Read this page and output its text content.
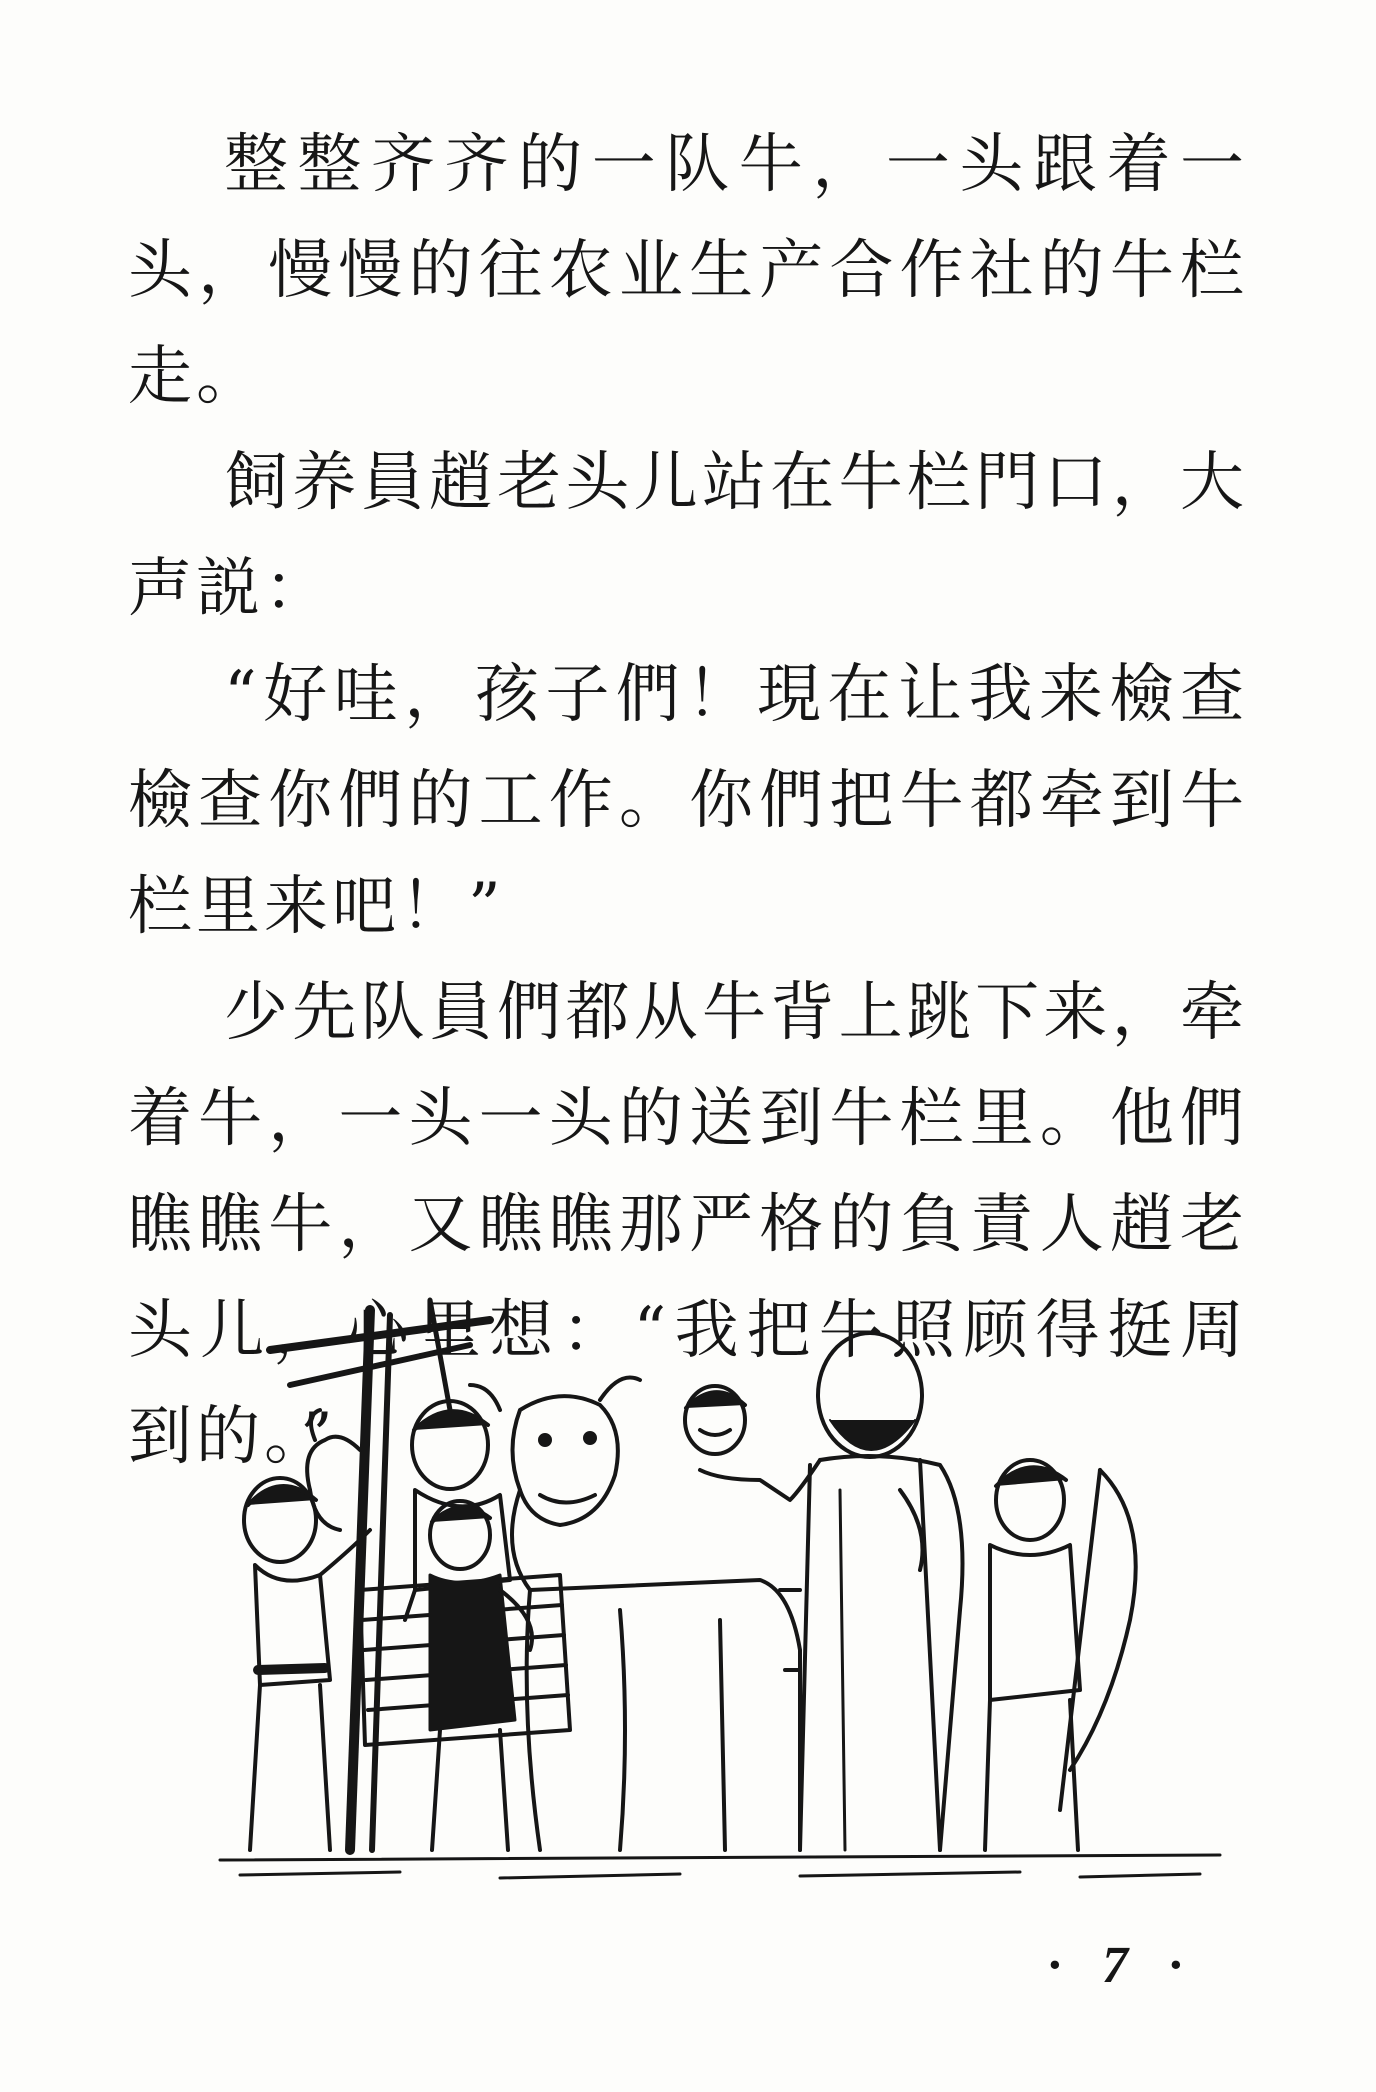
整整齐齐的一队牛，一头跟着一头，慢慢的往农业生产合作社的牛栏走。

飼养員趙老头儿站在牛栏門口，大声説：

“好哇，孩子們！現在让我来檢查檢查你們的工作。你們把牛都牵到牛栏里来吧！”

少先队員們都从牛背上跳下来，牵着牛，一头一头的送到牛栏里。他們瞧瞧牛，又瞧瞧那严格的負責人趙老头儿，心里想：“我把牛照顾得挺周到的。”

· 7 ·
